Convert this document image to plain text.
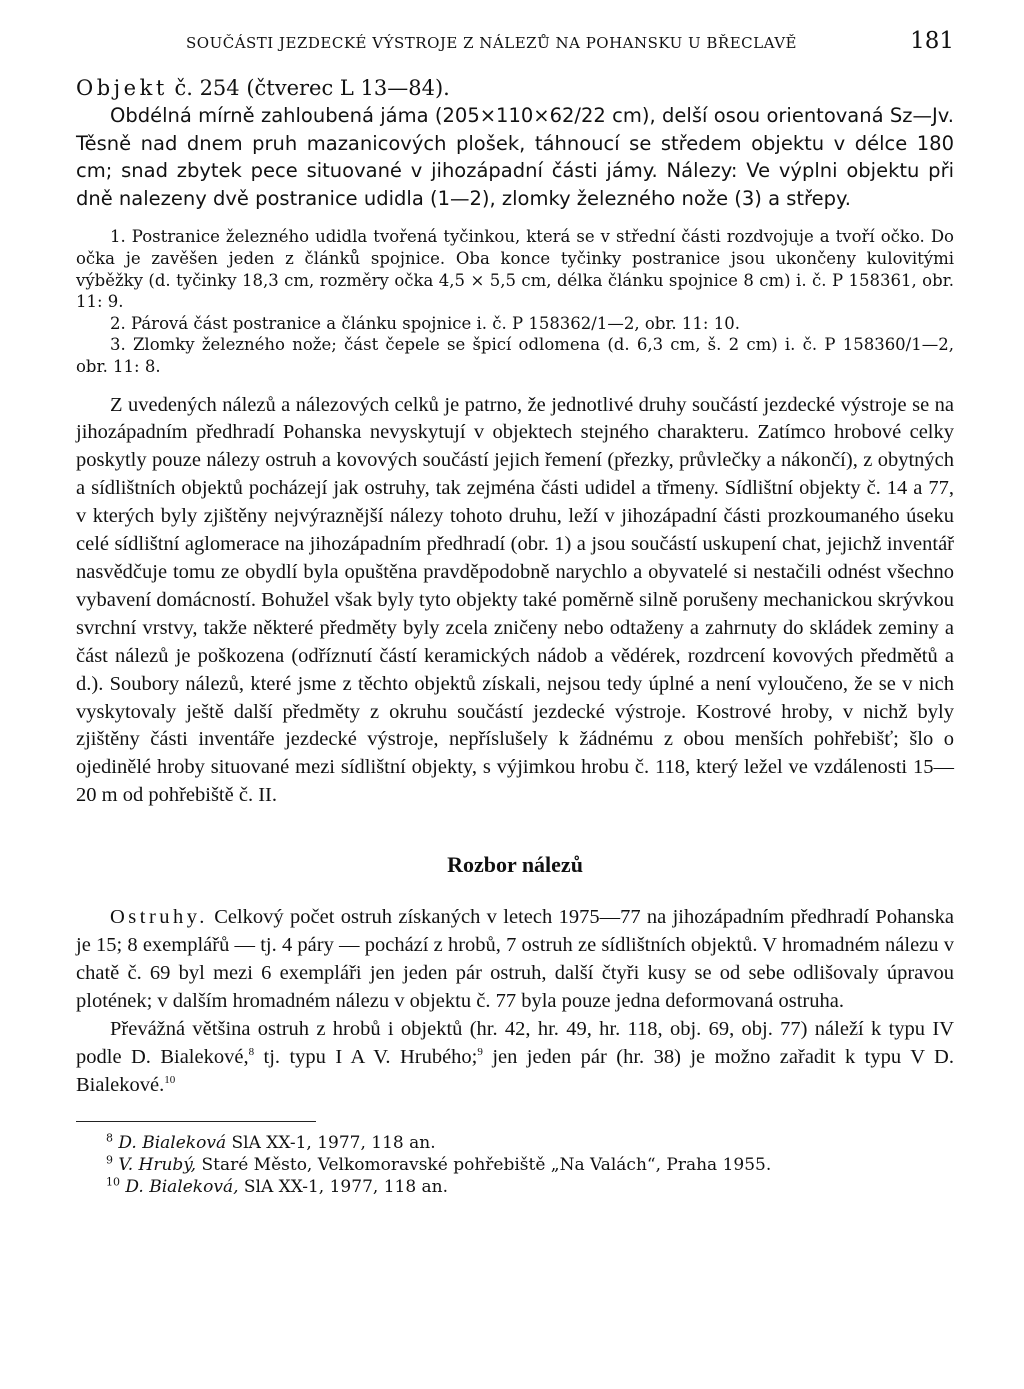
SOUČÁSTI JEZDECKÉ VÝSTROJE Z NÁLEZŮ NA POHANSKU U BŘECLAVĚ	181

Objekt č. 254 (čtverec L 13—84).

Obdélná mírně zahloubená jáma (205×110×62/22 cm), delší osou orientovaná Sz—Jv. Těsně nad dnem pruh mazanicových plošek, táhnoucí se středem objektu v délce 180 cm; snad zbytek pece situované v jihozápadní části jámy. Nálezy: Ve výplni objektu při dně nalezeny dvě postranice udidla (1—2), zlomky železného nože (3) a střepy.

1. Postranice železného udidla tvořená tyčinkou, která se v střední části rozdvojuje a tvoří očko. Do očka je zavěšen jeden z článků spojnice. Oba konce tyčinky postranice jsou ukončeny kulovitými výběžky (d. tyčinky 18,3 cm, rozměry očka 4,5 × 5,5 cm, délka článku spojnice 8 cm) i. č. P 158361, obr. 11: 9.

2. Párová část postranice a článku spojnice i. č. P 158362/1—2, obr. 11: 10.

3. Zlomky železného nože; část čepele se špicí odlomena (d. 6,3 cm, š. 2 cm) i. č. P 158360/1—2, obr. 11: 8.

Z uvedených nálezů a nálezových celků je patrno, že jednotlivé druhy součástí jezdecké výstroje se na jihozápadním předhradí Pohanska nevyskytují v objektech stejného charakteru. Zatímco hrobové celky poskytly pouze nálezy ostruh a kovových součástí jejich řemení (přezky, průvlečky a nákončí), z obytných a sídlištních objektů pocházejí jak ostruhy, tak zejména části udidel a třmeny. Sídlištní objekty č. 14 a 77, v kterých byly zjištěny nejvýraznější nálezy tohoto druhu, leží v jihozápadní části prozkoumaného úseku celé sídlištní aglomerace na jihozápadním předhradí (obr. 1) a jsou součástí uskupení chat, jejichž inventář nasvědčuje tomu ze obydlí byla opuštěna pravděpodobně narychlo a obyvatelé si nestačili odnést všechno vybavení domácností. Bohužel však byly tyto objekty také poměrně silně porušeny mechanickou skrývkou svrchní vrstvy, takže některé předměty byly zcela zničeny nebo odtaženy a zahrnuty do skládek zeminy a část nálezů je poškozena (odříznutí částí keramických nádob a vědérek, rozdrcení kovových předmětů a d.). Soubory nálezů, které jsme z těchto objektů získali, nejsou tedy úplné a není vyloučeno, že se v nich vyskytovaly ještě další předměty z okruhu součástí jezdecké výstroje. Kostrové hroby, v nichž byly zjištěny části inventáře jezdecké výstroje, nepříslušely k žádnému z obou menších pohřebišť; šlo o ojedinělé hroby situované mezi sídlištní objekty, s výjimkou hrobu č. 118, který ležel ve vzdálenosti 15—20 m od pohřebiště č. II.

Rozbor nálezů

Ostruhy. Celkový počet ostruh získaných v letech 1975—77 na jihozápadním předhradí Pohanska je 15; 8 exemplářů — tj. 4 páry — pochází z hrobů, 7 ostruh ze sídlištních objektů. V hromadném nálezu v chatě č. 69 byl mezi 6 exempláři jen jeden pár ostruh, další čtyři kusy se od sebe odlišovaly úpravou plotének; v dalším hromadném nálezu v objektu č. 77 byla pouze jedna deformovaná ostruha.

Převážná většina ostruh z hrobů i objektů (hr. 42, hr. 49, hr. 118, obj. 69, obj. 77) náleží k typu IV podle D. Bialekové,$^8$ tj. typu I A V. Hrubého;$^9$ jen jeden pár (hr. 38) je možno zařadit k typu V D. Bialekové.$^{10}$

$^8$ D. Bialeková SlA XX-1, 1977, 118 an.
$^9$ V. Hrubý, Staré Město, Velkomoravské pohřebiště „Na Valách“, Praha 1955.
$^{10}$ D. Bialeková, SlA XX-1, 1977, 118 an.
